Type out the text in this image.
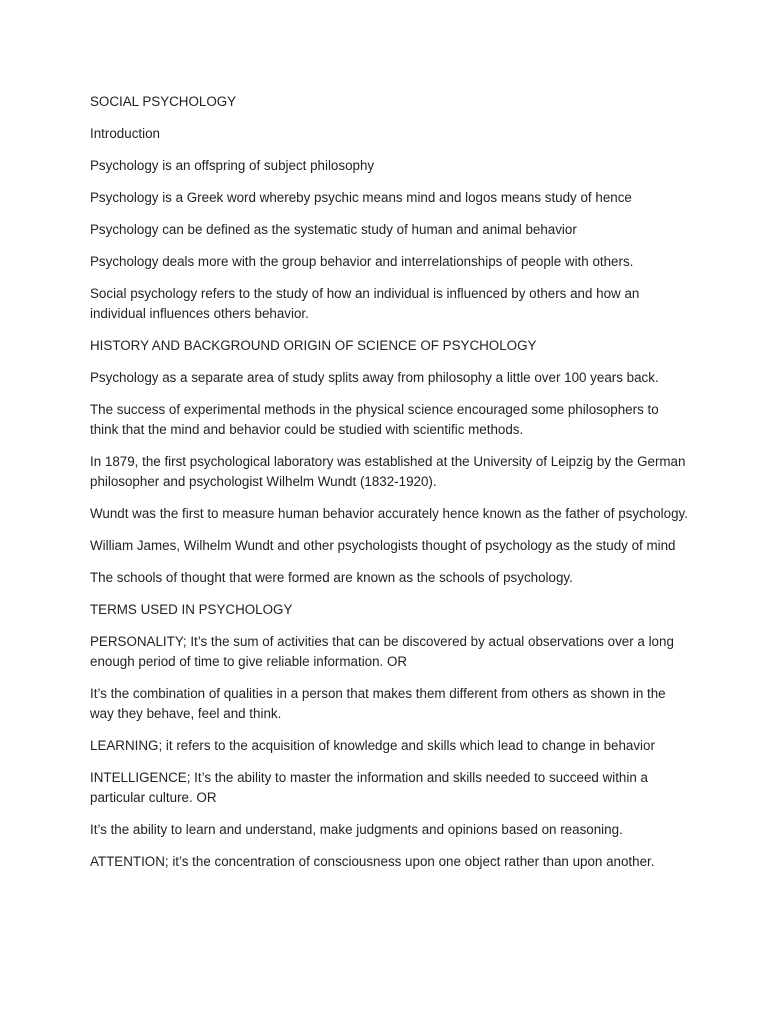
SOCIAL PSYCHOLOGY

Introduction

Psychology is an offspring of subject philosophy

Psychology is a Greek word whereby psychic means mind and logos means study of hence

Psychology can be defined as the systematic study of human and animal behavior

Psychology deals more with the group behavior and interrelationships of people with others.

Social psychology refers to the study of how an individual is influenced by others and how an individual influences others behavior.

HISTORY AND BACKGROUND ORIGIN OF SCIENCE OF PSYCHOLOGY

Psychology as a separate area of study splits away from philosophy a little over 100 years back.

The success of experimental methods in the physical science encouraged some philosophers to think that the mind and behavior could be studied with scientific methods.

In 1879, the first psychological laboratory was established at the University of Leipzig by the German philosopher and psychologist Wilhelm Wundt (1832-1920).

Wundt was the first to measure human behavior accurately hence known as the father of psychology.

William James, Wilhelm Wundt and other psychologists thought of psychology as the study of mind

The schools of thought that were formed are known as the schools of psychology.

TERMS USED IN PSYCHOLOGY

PERSONALITY; It’s the sum of activities that can be discovered by actual observations over a long enough period of time to give reliable information. OR

It’s the combination of qualities in a person that makes them different from others as shown in the way they behave, feel and think.

LEARNING; it refers to the acquisition of knowledge and skills which lead to change in behavior

INTELLIGENCE; It’s the ability to master the information and skills needed to succeed within a particular culture. OR

It’s the ability to learn and understand, make judgments and opinions based on reasoning.

ATTENTION; it’s the concentration of consciousness upon one object rather than upon another.
